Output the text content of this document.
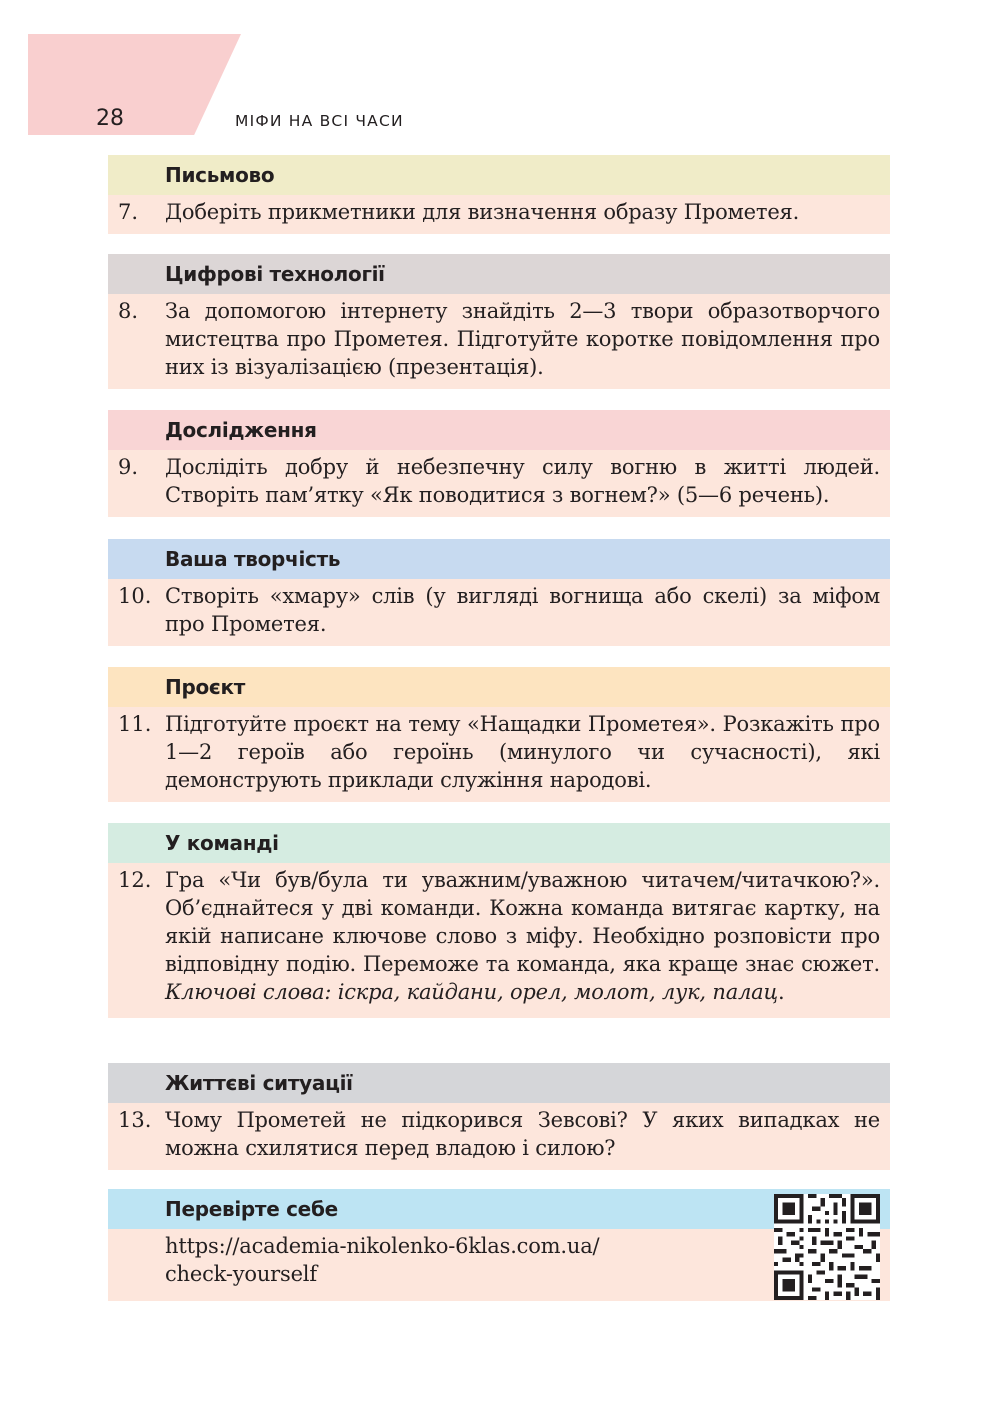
28	МІФИ НА ВСІ ЧАСИ
Письмово
7.	Доберіть прикметники для визначення образу Прометея.
Цифрові технології
8.	За допомогою інтернету знайдіть 2—3 твори образотворчого мистецтва про Прометея. Підготуйте коротке повідомлення про них із візуалізацією (презентація).
Дослідження
9.	Дослідіть добру й небезпечну силу вогню в житті людей. Створіть пам’ятку «Як поводитися з вогнем?» (5—6 речень).
Ваша творчість
10. Створіть «хмару» слів (у вигляді вогнища або скелі) за міфом про Прометея.
Проєкт
11. Підготуйте проєкт на тему «Нащадки Прометея». Розкажіть про 1—2 героїв або героїнь (минулого чи сучасності), які демонструють приклади служіння народові.
У команді
12. Гра «Чи був/була ти уважним/уважною читачем/читачкою?». Об’єднайтеся у дві команди. Кожна команда витягає картку, на якій написане ключове слово з міфу. Необхідно розповісти про відповідну подію. Переможе та команда, яка краще знає сюжет. Ключові слова: іскра, кайдани, орел, молот, лук, палац.
Життєві ситуації
13. Чому Прометей не підкорився Зевсові? У яких випадках не можна схилятися перед владою і силою?
Перевірте себе
https://academia-nikolenko-6klas.com.ua/
check-yourself
